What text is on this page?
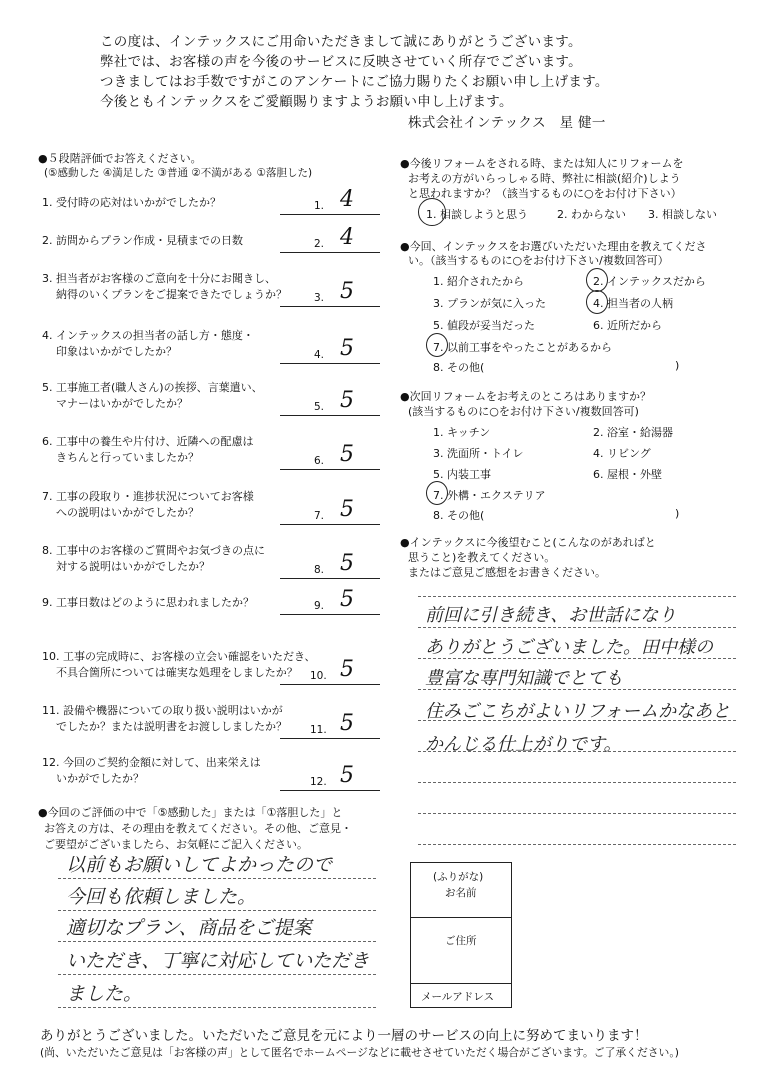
この度は、インテックスにご用命いただきまして誠にありがとうございます。
弊社では、お客様の声を今後のサービスに反映させていく所存でございます。
つきましてはお手数ですがこのアンケートにご協力賜りたくお願い申し上げます。
今後ともインテックスをご愛顧賜りますようお願い申し上げます。
株式会社インテックス　星 健一
●５段階評価でお答えください。
(⑤感動した ④満足した ③普通 ②不満がある ①落胆した)
1. 受付時の応対はいかがでしたか？	1. 4
2. 訪問からプラン作成・見積までの日数	2. 4
3. 担当者がお客様のご意向を十分にお聞きし、
納得のいくプランをご提案できたでしょうか？	3. 5
4. インテックスの担当者の話し方・態度・
印象はいかがでしたか？	4. 5
5. 工事施工者(職人さん)の挨拶、言葉遣い、
マナーはいかがでしたか？	5. 5
6. 工事中の養生や片付け、近隣への配慮は
きちんと行っていましたか？	6. 5
7. 工事の段取り・進捗状況についてお客様
への説明はいかがでしたか？	7. 5
8. 工事中のお客様のご質問やお気づきの点に
対する説明はいかがでしたか？	8. 5
9. 工事日数はどのように思われましたか？	9. 5
10. 工事の完成時に、お客様の立会い確認をいただき、
不具合箇所については確実な処理をしましたか？ 10. 5
11. 設備や機器についての取り扱い説明はいかが
でしたか？または説明書をお渡ししましたか？ 11. 5
12. 今回のご契約金額に対して、出来栄えは
いかがでしたか？	12. 5
●今回のご評価の中で「⑤感動した」または「①落胆した」と
お答えの方は、その理由を教えてください。その他、ご意見・
ご要望がございましたら、お気軽にご記入ください。
以前もお願いしてよかったので
今回も依頼しました。
適切なプラン、商品をご提案
いただき、丁寧に対応していただき
ました。
●今後リフォームをされる時、または知人にリフォームを
お考えの方がいらっしゃる時、弊社に相談(紹介)しよう
と思われますか？（該当するものに○をお付け下さい）
1. 相談しようと思う	2. わからない 3. 相談しない
●今回、インテックスをお選びいただいた理由を教えてくださ
い。（該当するものに○をお付け下さい/複数回答可）
1. 紹介されたから	2. インテックスだから
3. プランが気に入った	4. 担当者の人柄
5. 値段が妥当だった	6. 近所だから
7. 以前工事をやったことがあるから
8. その他(	)
●次回リフォームをお考えのところはありますか？
(該当するものに○をお付け下さい/複数回答可)
1. キッチン	2. 浴室・給湯器
3. 洗面所・トイレ	4. リビング
5. 内装工事	6. 屋根・外壁
7. 外構・エクステリア
8. その他(	)
●インテックスに今後望むこと(こんなのがあればと
思うこと)を教えてください。
またはご意見ご感想をお書きください。
前回に引き続き、お世話になり
ありがとうございました。田中様の
豊富な専門知識でとても
住みごこちがよいリフォームかなあと
かんじる仕上がりです。
(ふりがな)
お名前
ご住所
メールアドレス
ありがとうございました。いただいたご意見を元により一層のサービスの向上に努めてまいります！
(尚、いただいたご意見は「お客様の声」として匿名でホームページなどに載せさせていただく場合がございます。ご了承ください。)
